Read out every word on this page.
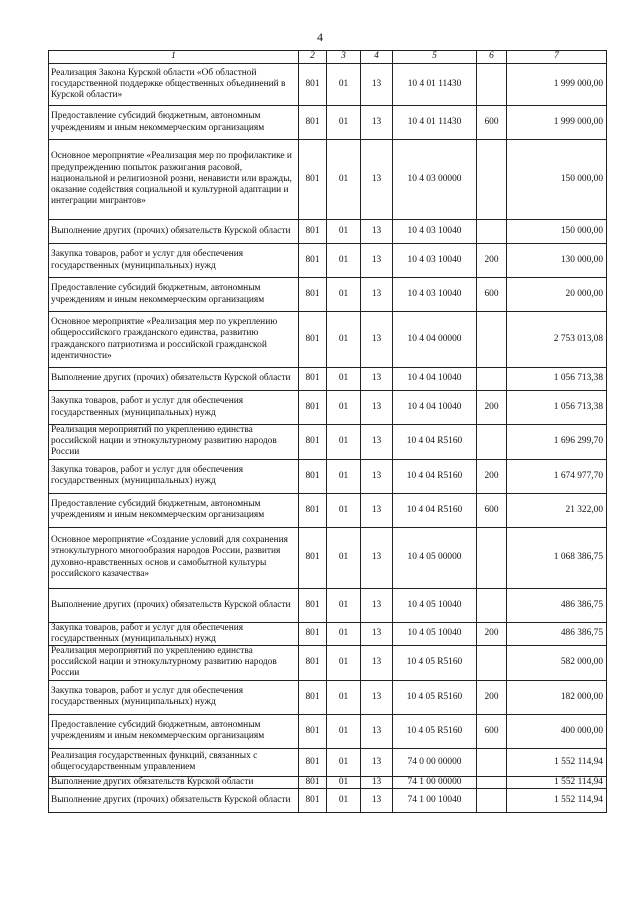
4
1	2	3	4	5	6	7
Реализация Закона Курской области «Об областной государственной поддержке общественных объединений в Курской области»	801	01	13	10 4 01 11430		1 999 000,00
Предоставление субсидий бюджетным, автономным учреждениям и иным некоммерческим организациям	801	01	13	10 4 01 11430	600	1 999 000,00
Основное мероприятие «Реализация мер по профилактике и предупреждению попыток разжигания расовой, национальной и религиозной розни, ненависти или вражды, оказание содействия социальной и культурной адаптации и интеграции мигрантов»	801	01	13	10 4 03 00000		150 000,00
Выполнение других (прочих) обязательств Курской области	801	01	13	10 4 03 10040		150 000,00
Закупка товаров, работ и услуг для обеспечения государственных (муниципальных) нужд	801	01	13	10 4 03 10040	200	130 000,00
Предоставление субсидий бюджетным, автономным учреждениям и иным некоммерческим организациям	801	01	13	10 4 03 10040	600	20 000,00
Основное мероприятие «Реализация мер по укреплению общероссийского гражданского единства, развитию гражданского патриотизма и российской гражданской идентичности»	801	01	13	10 4 04 00000		2 753 013,08
Выполнение других (прочих) обязательств Курской области	801	01	13	10 4 04 10040		1 056 713,38
Закупка товаров, работ и услуг для обеспечения государственных (муниципальных) нужд	801	01	13	10 4 04 10040	200	1 056 713,38
Реализация мероприятий по укреплению единства российской нации и этнокультурному развитию народов России	801	01	13	10 4 04 R5160		1 696 299,70
Закупка товаров, работ и услуг для обеспечения государственных (муниципальных) нужд	801	01	13	10 4 04 R5160	200	1 674 977,70
Предоставление субсидий бюджетным, автономным учреждениям и иным некоммерческим организациям	801	01	13	10 4 04 R5160	600	21 322,00
Основное мероприятие «Создание условий для сохранения этнокультурного многообразия народов России, развития духовно-нравственных основ и самобытной культуры российского казачества»	801	01	13	10 4 05 00000		1 068 386,75
Выполнение других (прочих) обязательств Курской области	801	01	13	10 4 05 10040		486 386,75
Закупка товаров, работ и услуг для обеспечения государственных (муниципальных) нужд	801	01	13	10 4 05 10040	200	486 386,75
Реализация мероприятий по укреплению единства российской нации и этнокультурному развитию народов России	801	01	13	10 4 05 R5160		582 000,00
Закупка товаров, работ и услуг для обеспечения государственных (муниципальных) нужд	801	01	13	10 4 05 R5160	200	182 000,00
Предоставление субсидий бюджетным, автономным учреждениям и иным некоммерческим организациям	801	01	13	10 4 05 R5160	600	400 000,00
Реализация государственных функций, связанных с общегосударственным управлением	801	01	13	74 0 00 00000		1 552 114,94
Выполнение других обязательств Курской области	801	01	13	74 1 00 00000		1 552 114,94
Выполнение других (прочих) обязательств Курской области	801	01	13	74 1 00 10040		1 552 114,94
